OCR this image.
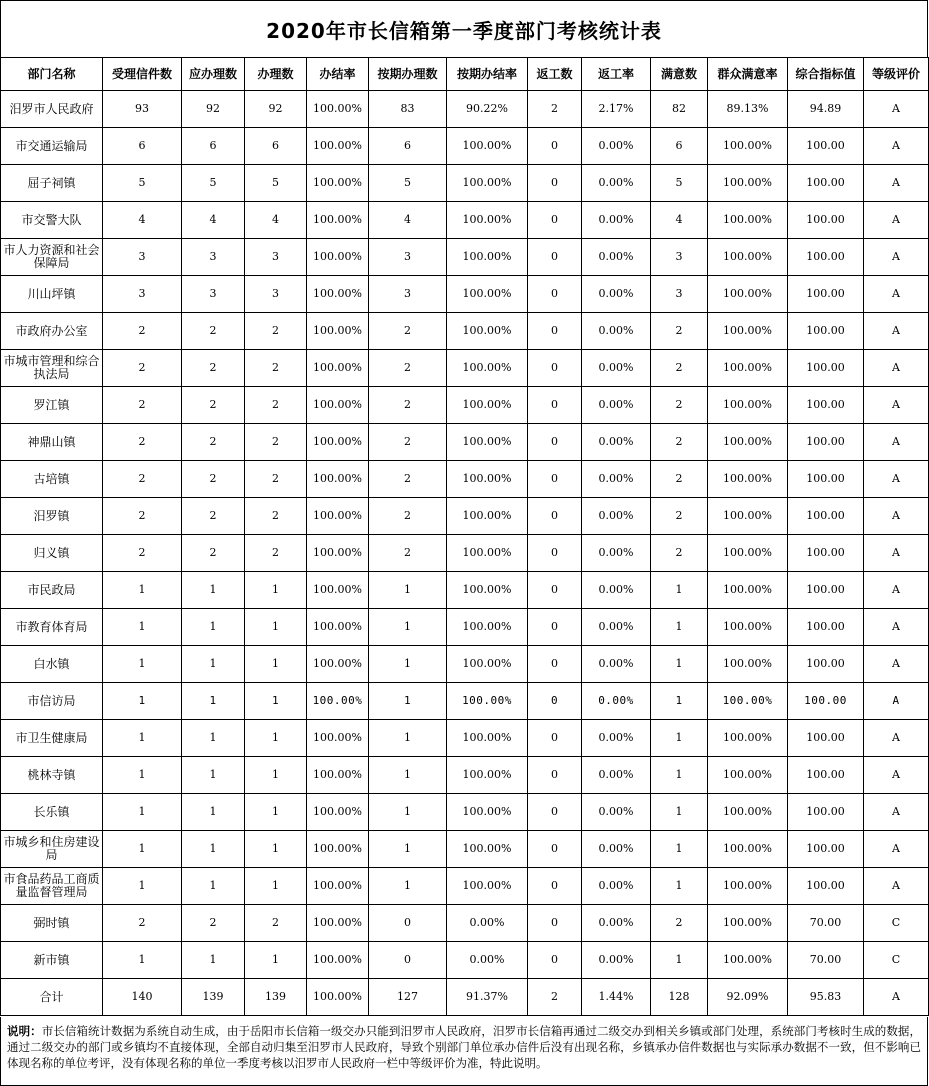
2020年市长信箱第一季度部门考核统计表
部门名称	受理信件数	应办理数	办理数	办结率	按期办理数	按期办结率	返工数	返工率	满意数	群众满意率	综合指标值	等级评价
汨罗市人民政府	93	92	92	100.00%	83	90.22%	2	2.17%	82	89.13%	94.89	A
市交通运输局	6	6	6	100.00%	6	100.00%	0	0.00%	6	100.00%	100.00	A
屈子祠镇	5	5	5	100.00%	5	100.00%	0	0.00%	5	100.00%	100.00	A
市交警大队	4	4	4	100.00%	4	100.00%	0	0.00%	4	100.00%	100.00	A
市人力资源和社会保障局	3	3	3	100.00%	3	100.00%	0	0.00%	3	100.00%	100.00	A
川山坪镇	3	3	3	100.00%	3	100.00%	0	0.00%	3	100.00%	100.00	A
市政府办公室	2	2	2	100.00%	2	100.00%	0	0.00%	2	100.00%	100.00	A
市城市管理和综合执法局	2	2	2	100.00%	2	100.00%	0	0.00%	2	100.00%	100.00	A
罗江镇	2	2	2	100.00%	2	100.00%	0	0.00%	2	100.00%	100.00	A
神鼎山镇	2	2	2	100.00%	2	100.00%	0	0.00%	2	100.00%	100.00	A
古培镇	2	2	2	100.00%	2	100.00%	0	0.00%	2	100.00%	100.00	A
汨罗镇	2	2	2	100.00%	2	100.00%	0	0.00%	2	100.00%	100.00	A
归义镇	2	2	2	100.00%	2	100.00%	0	0.00%	2	100.00%	100.00	A
市民政局	1	1	1	100.00%	1	100.00%	0	0.00%	1	100.00%	100.00	A
市教育体育局	1	1	1	100.00%	1	100.00%	0	0.00%	1	100.00%	100.00	A
白水镇	1	1	1	100.00%	1	100.00%	0	0.00%	1	100.00%	100.00	A
市信访局	1	1	1	100.00%	1	100.00%	0	0.00%	1	100.00%	100.00	A
市卫生健康局	1	1	1	100.00%	1	100.00%	0	0.00%	1	100.00%	100.00	A
桃林寺镇	1	1	1	100.00%	1	100.00%	0	0.00%	1	100.00%	100.00	A
长乐镇	1	1	1	100.00%	1	100.00%	0	0.00%	1	100.00%	100.00	A
市城乡和住房建设局	1	1	1	100.00%	1	100.00%	0	0.00%	1	100.00%	100.00	A
市食品药品工商质量监督管理局	1	1	1	100.00%	1	100.00%	0	0.00%	1	100.00%	100.00	A
弼时镇	2	2	2	100.00%	0	0.00%	0	0.00%	2	100.00%	70.00	C
新市镇	1	1	1	100.00%	0	0.00%	0	0.00%	1	100.00%	70.00	C
合计	140	139	139	100.00%	127	91.37%	2	1.44%	128	92.09%	95.83	A
说明：市长信箱统计数据为系统自动生成，由于岳阳市长信箱一级交办只能到汨罗市人民政府，汨罗市长信箱再通过二级交办到相关乡镇或部门处理，系统部门考核时生成的数据，通过二级交办的部门或乡镇均不直接体现，全部自动归集至汨罗市人民政府，导致个别部门单位承办信件后没有出现名称，乡镇承办信件数据也与实际承办数据不一致，但不影响已体现名称的单位考评，没有体现名称的单位一季度考核以汨罗市人民政府一栏中等级评价为准，特此说明。
